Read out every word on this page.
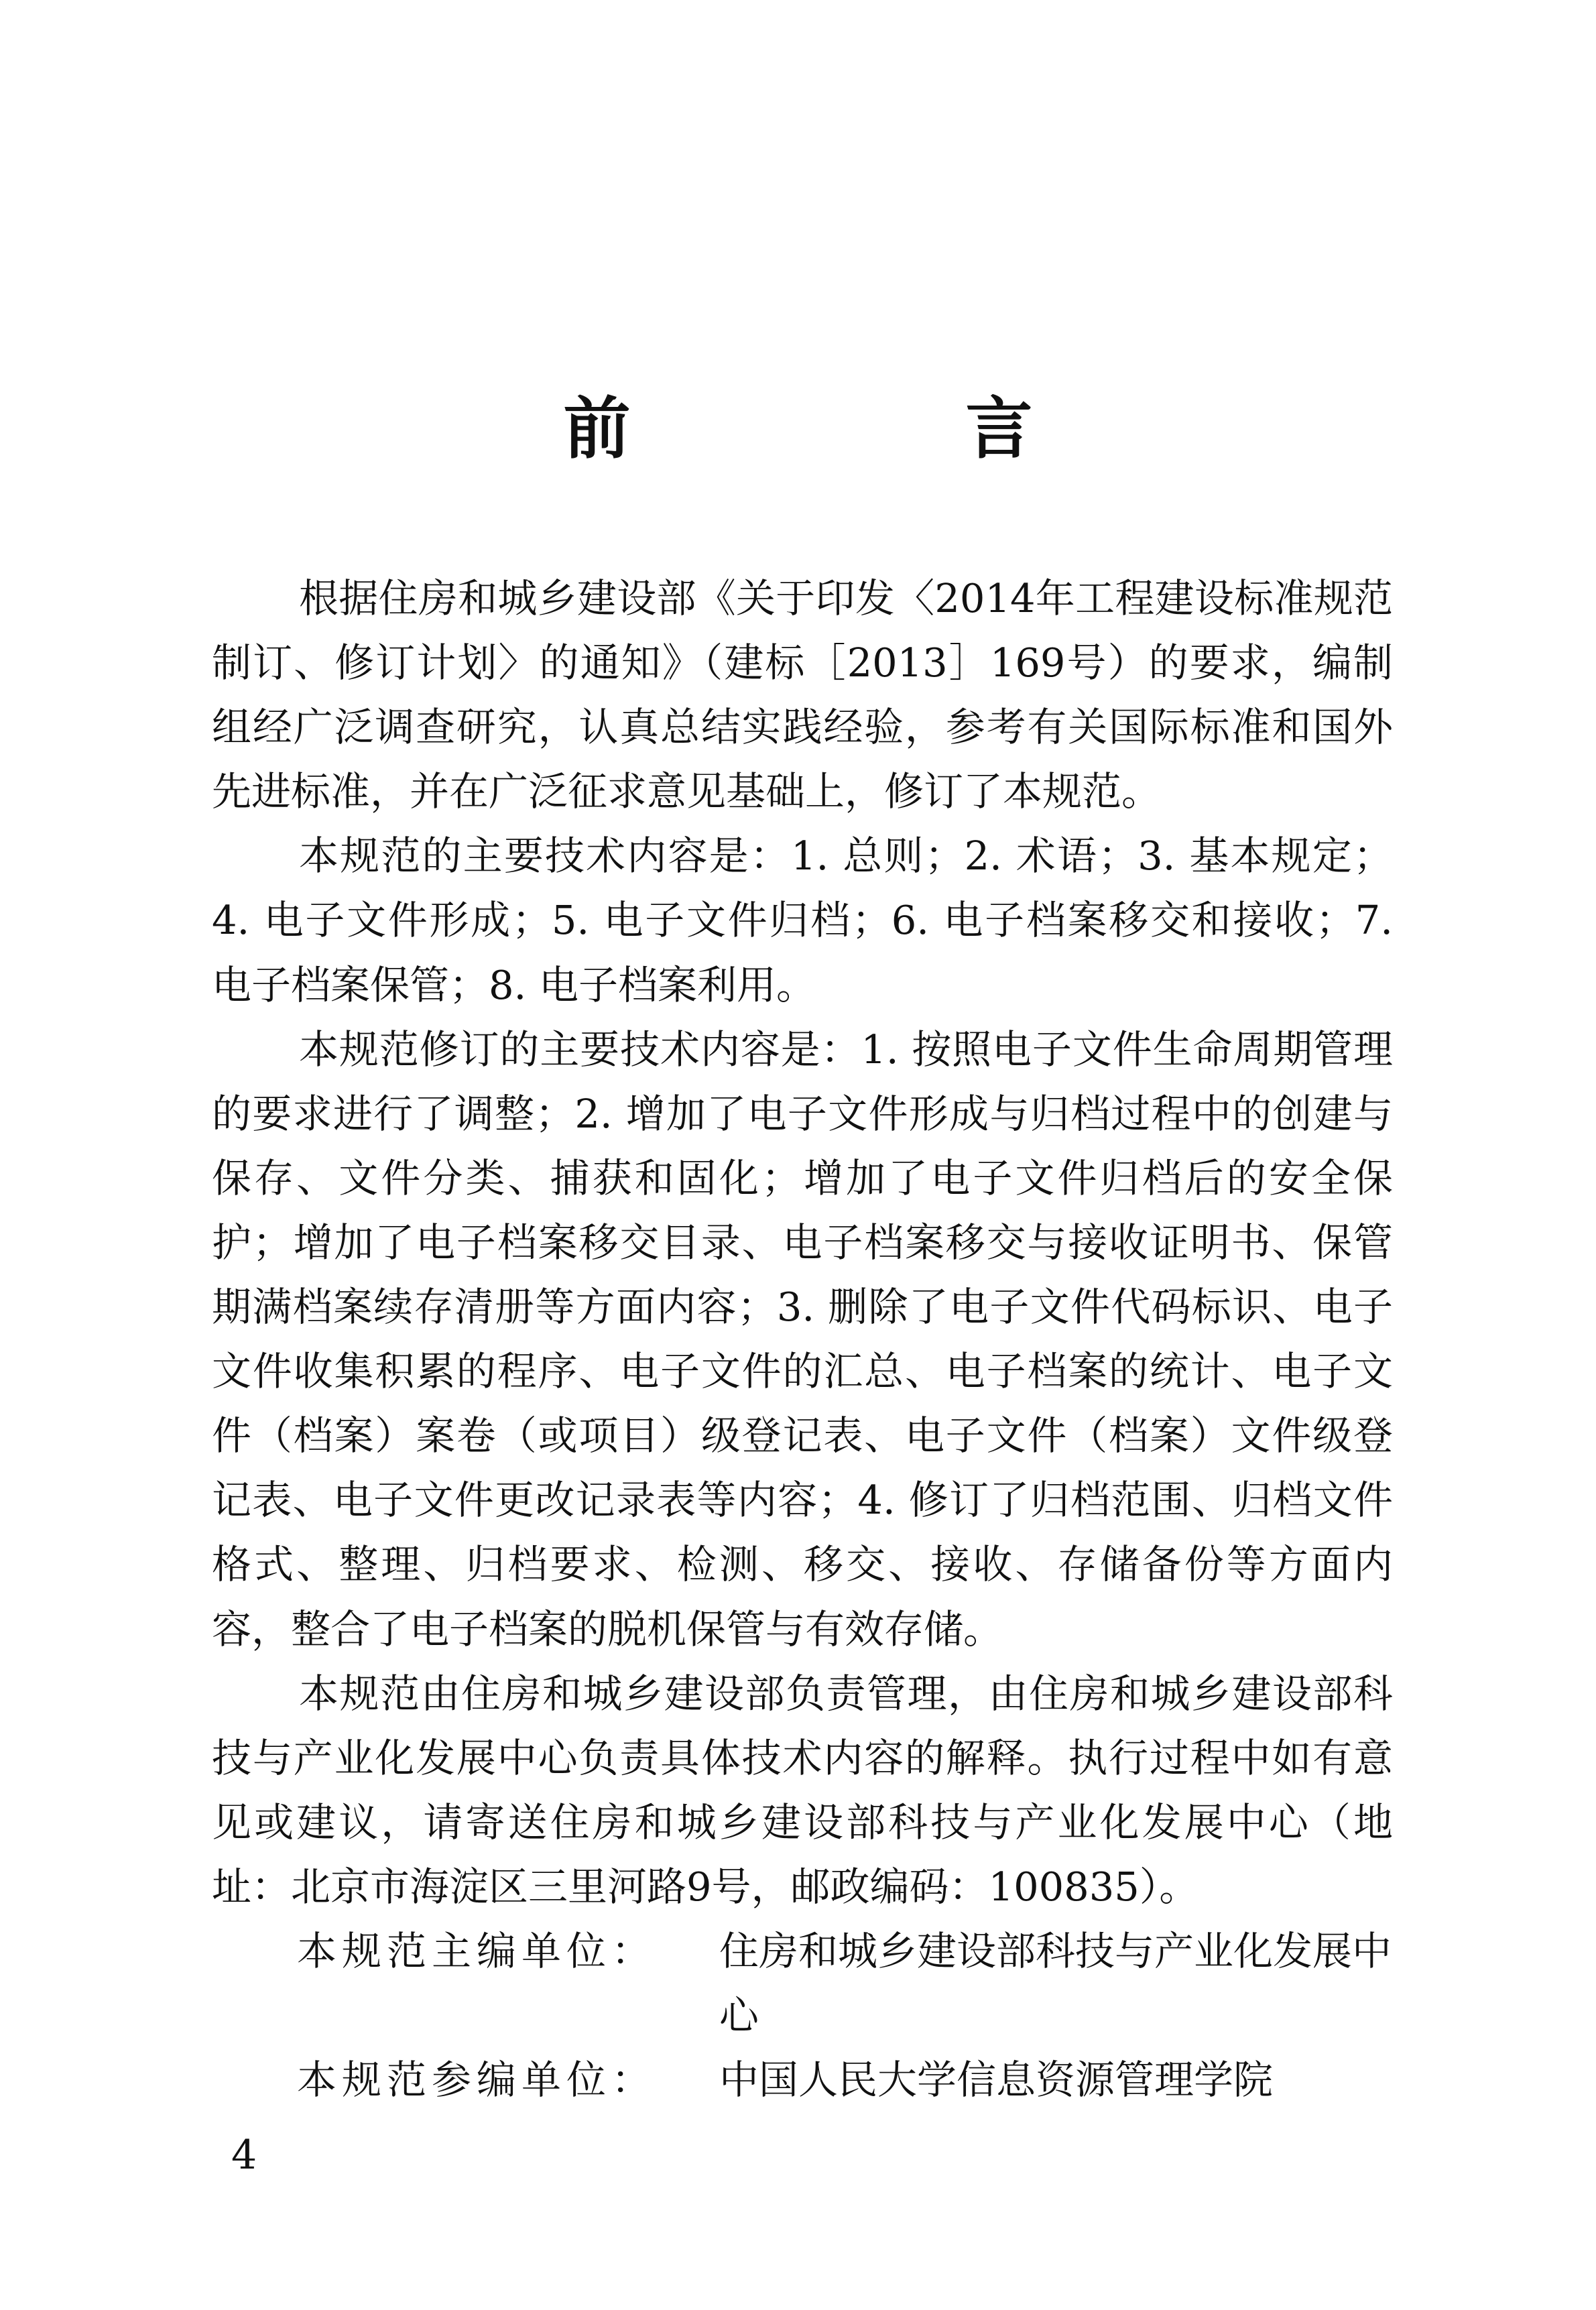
前　言

根据住房和城乡建设部《关于印发〈2014年工程建设标准规范制订、修订计划〉的通知》（建标［2013］169号）的要求，编制组经广泛调查研究，认真总结实践经验，参考有关国际标准和国外先进标准，并在广泛征求意见基础上，修订了本规范。

本规范的主要技术内容是：1. 总则；2. 术语；3. 基本规定；4. 电子文件形成；5. 电子文件归档；6. 电子档案移交和接收；7. 电子档案保管；8. 电子档案利用。

本规范修订的主要技术内容是：1. 按照电子文件生命周期管理的要求进行了调整；2. 增加了电子文件形成与归档过程中的创建与保存、文件分类、捕获和固化；增加了电子文件归档后的安全保护；增加了电子档案移交目录、电子档案移交与接收证明书、保管期满档案续存清册等方面内容；3. 删除了电子文件代码标识、电子文件收集积累的程序、电子文件的汇总、电子档案的统计、电子文件（档案）案卷（或项目）级登记表、电子文件（档案）文件级登记表、电子文件更改记录表等内容；4. 修订了归档范围、归档文件格式、整理、归档要求、检测、移交、接收、存储备份等方面内容，整合了电子档案的脱机保管与有效存储。

本规范由住房和城乡建设部负责管理，由住房和城乡建设部科技与产业化发展中心负责具体技术内容的解释。执行过程中如有意见或建议，请寄送住房和城乡建设部科技与产业化发展中心（地址：北京市海淀区三里河路9号，邮政编码：100835）。

本规范主编单位：	住房和城乡建设部科技与产业化发展中心
本规范参编单位：	中国人民大学信息资源管理学院
4
